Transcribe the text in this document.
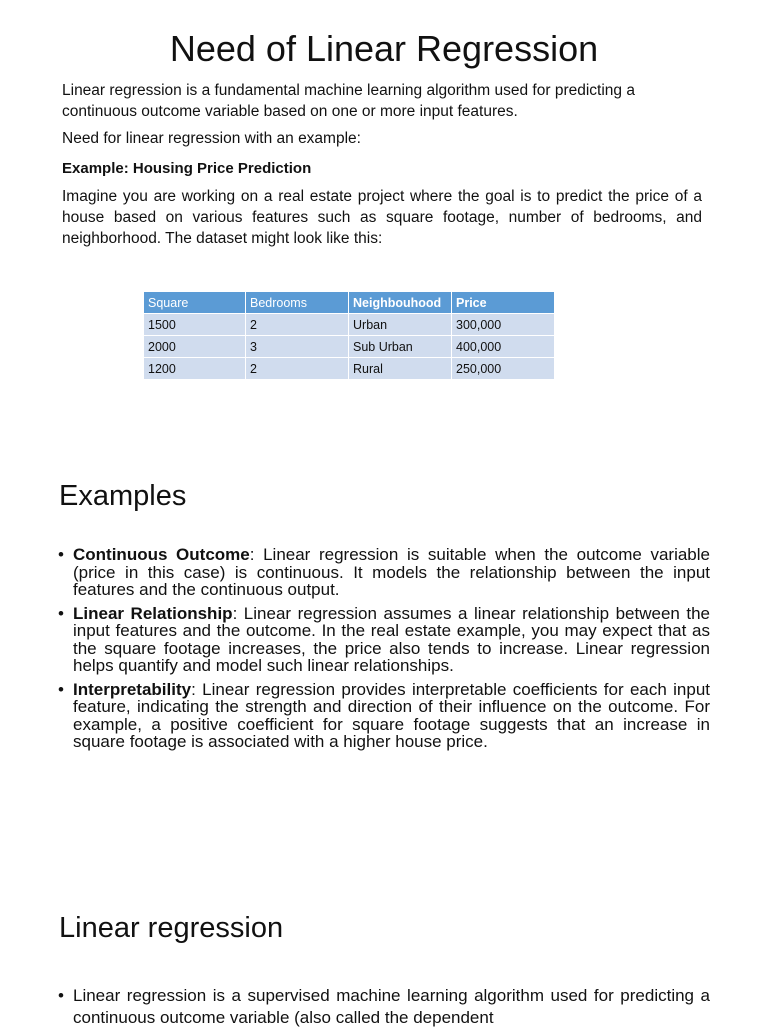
Need of Linear Regression

Linear regression is a fundamental machine learning algorithm used for predicting a continuous outcome variable based on one or more input features.

Need for linear regression with an example:

Example: Housing Price Prediction

Imagine you are working on a real estate project where the goal is to predict the price of a house based on various features such as square footage, number of bedrooms, and neighborhood. The dataset might look like this:

Square	Bedrooms	Neighbouhood	Price
1500	2	Urban	300,000
2000	3	Sub Urban	400,000
1200	2	Rural	250,000
Examples
• Continuous Outcome: Linear regression is suitable when the outcome variable (price in this case) is continuous. It models the relationship between the input features and the continuous output.
• Linear Relationship: Linear regression assumes a linear relationship between the input features and the outcome. In the real estate example, you may expect that as the square footage increases, the price also tends to increase. Linear regression helps quantify and model such linear relationships.
• Interpretability: Linear regression provides interpretable coefficients for each input feature, indicating the strength and direction of their influence on the outcome. For example, a positive coefficient for square footage suggests that an increase in square footage is associated with a higher house price.
Linear regression
• Linear regression is a supervised machine learning algorithm used for predicting a continuous outcome variable (also called the dependent
